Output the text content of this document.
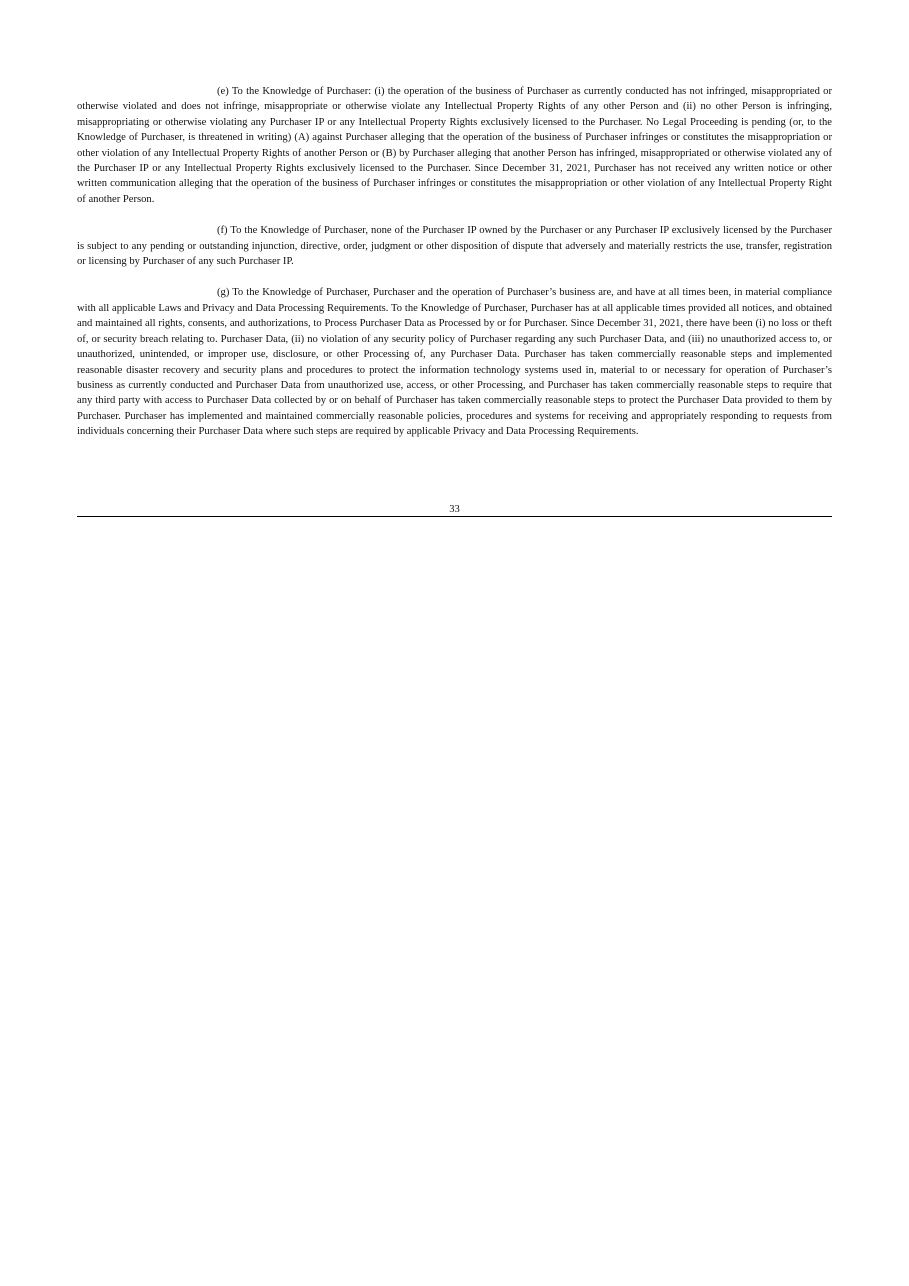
(e) To the Knowledge of Purchaser: (i) the operation of the business of Purchaser as currently conducted has not infringed, misappropriated or otherwise violated and does not infringe, misappropriate or otherwise violate any Intellectual Property Rights of any other Person and (ii) no other Person is infringing, misappropriating or otherwise violating any Purchaser IP or any Intellectual Property Rights exclusively licensed to the Purchaser. No Legal Proceeding is pending (or, to the Knowledge of Purchaser, is threatened in writing) (A) against Purchaser alleging that the operation of the business of Purchaser infringes or constitutes the misappropriation or other violation of any Intellectual Property Rights of another Person or (B) by Purchaser alleging that another Person has infringed, misappropriated or otherwise violated any of the Purchaser IP or any Intellectual Property Rights exclusively licensed to the Purchaser. Since December 31, 2021, Purchaser has not received any written notice or other written communication alleging that the operation of the business of Purchaser infringes or constitutes the misappropriation or other violation of any Intellectual Property Right of another Person.

(f) To the Knowledge of Purchaser, none of the Purchaser IP owned by the Purchaser or any Purchaser IP exclusively licensed by the Purchaser is subject to any pending or outstanding injunction, directive, order, judgment or other disposition of dispute that adversely and materially restricts the use, transfer, registration or licensing by Purchaser of any such Purchaser IP.

(g) To the Knowledge of Purchaser, Purchaser and the operation of Purchaser’s business are, and have at all times been, in material compliance with all applicable Laws and Privacy and Data Processing Requirements. To the Knowledge of Purchaser, Purchaser has at all applicable times provided all notices, and obtained and maintained all rights, consents, and authorizations, to Process Purchaser Data as Processed by or for Purchaser. Since December 31, 2021, there have been (i) no loss or theft of, or security breach relating to. Purchaser Data, (ii) no violation of any security policy of Purchaser regarding any such Purchaser Data, and (iii) no unauthorized access to, or unauthorized, unintended, or improper use, disclosure, or other Processing of, any Purchaser Data. Purchaser has taken commercially reasonable steps and implemented reasonable disaster recovery and security plans and procedures to protect the information technology systems used in, material to or necessary for operation of Purchaser’s business as currently conducted and Purchaser Data from unauthorized use, access, or other Processing, and Purchaser has taken commercially reasonable steps to require that any third party with access to Purchaser Data collected by or on behalf of Purchaser has taken commercially reasonable steps to protect the Purchaser Data provided to them by Purchaser. Purchaser has implemented and maintained commercially reasonable policies, procedures and systems for receiving and appropriately responding to requests from individuals concerning their Purchaser Data where such steps are required by applicable Privacy and Data Processing Requirements.

33
